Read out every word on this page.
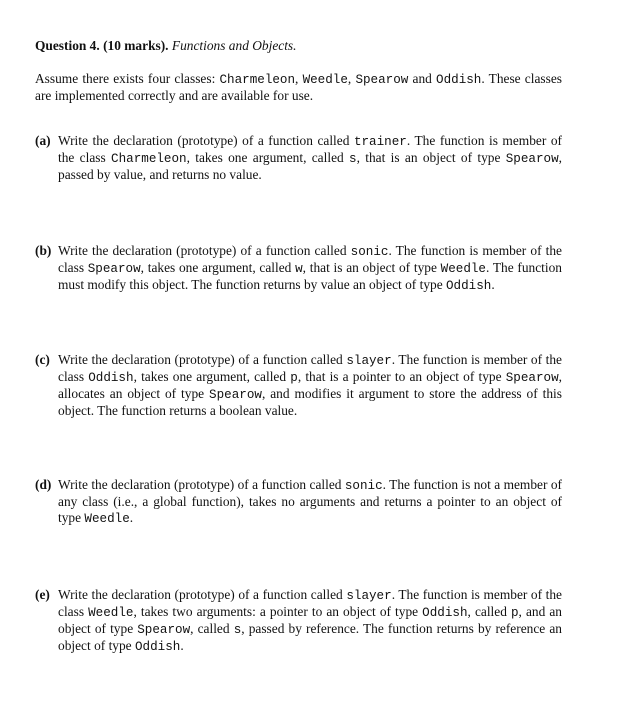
Question 4. (10 marks). Functions and Objects.
Assume there exists four classes: Charmeleon, Weedle, Spearow and Oddish. These classes are implemented correctly and are available for use.
(a) Write the declaration (prototype) of a function called trainer. The function is member of the class Charmeleon, takes one argument, called s, that is an object of type Spearow, passed by value, and returns no value.
(b) Write the declaration (prototype) of a function called sonic. The function is member of the class Spearow, takes one argument, called w, that is an object of type Weedle. The function must modify this object. The function returns by value an object of type Oddish.
(c) Write the declaration (prototype) of a function called slayer. The function is member of the class Oddish, takes one argument, called p, that is a pointer to an object of type Spearow, allocates an object of type Spearow, and modifies it argument to store the address of this object. The function returns a boolean value.
(d) Write the declaration (prototype) of a function called sonic. The function is not a member of any class (i.e., a global function), takes no arguments and returns a pointer to an object of type Weedle.
(e) Write the declaration (prototype) of a function called slayer. The function is member of the class Weedle, takes two arguments: a pointer to an object of type Oddish, called p, and an object of type Spearow, called s, passed by reference. The function returns by reference an object of type Oddish.
